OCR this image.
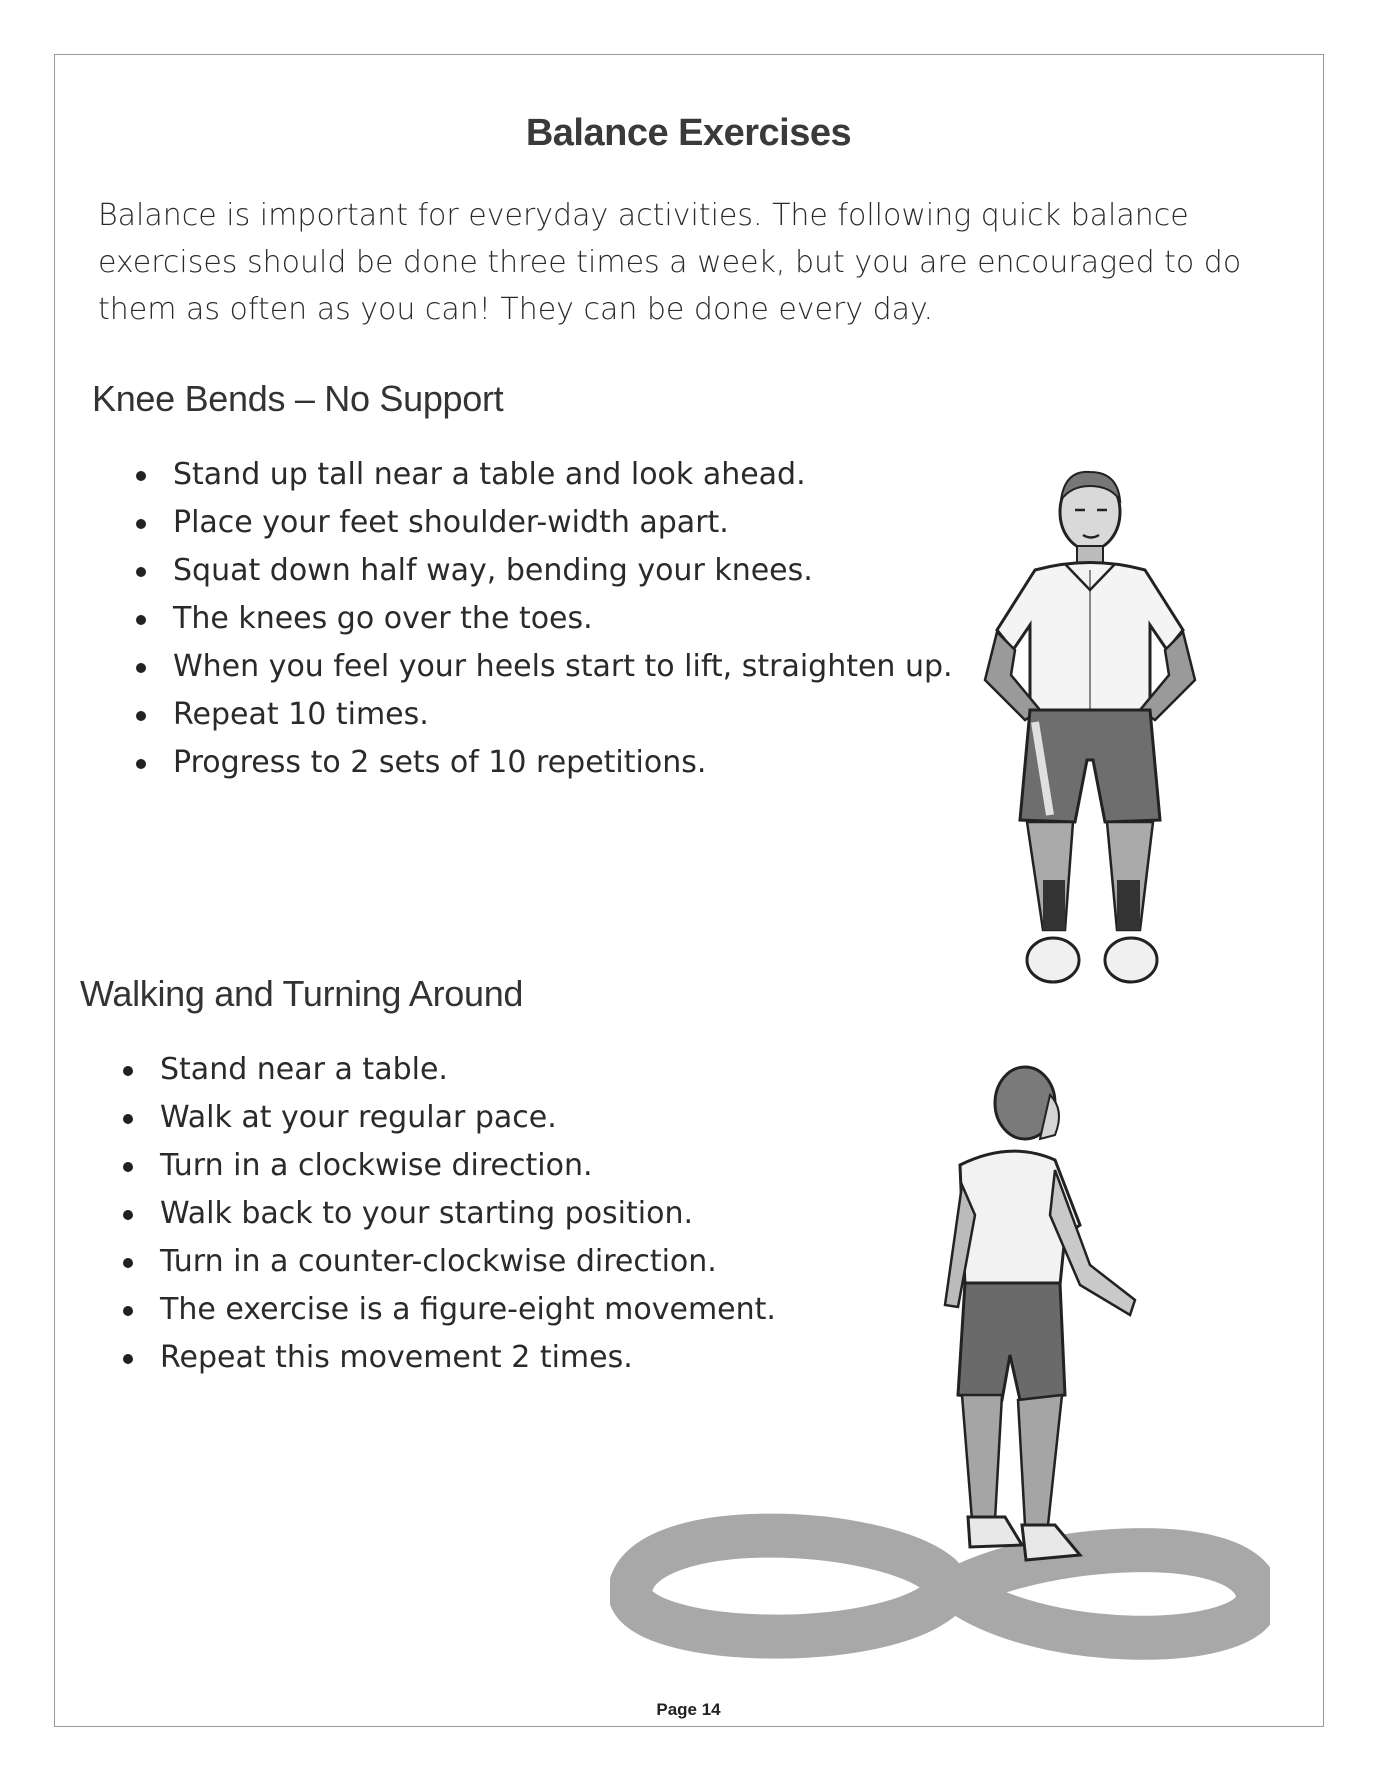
Balance Exercises
Balance is important for everyday activities. The following quick balance exercises should be done three times a week, but you are encouraged to do them as often as you can! They can be done every day.
Knee Bends – No Support
Stand up tall near a table and look ahead.
Place your feet shoulder-width apart.
Squat down half way, bending your knees.
The knees go over the toes.
When you feel your heels start to lift, straighten up.
Repeat 10 times.
Progress to 2 sets of 10 repetitions.
Walking and Turning Around
Stand near a table.
Walk at your regular pace.
Turn in a clockwise direction.
Walk back to your starting position.
Turn in a counter-clockwise direction.
The exercise is a figure-eight movement.
Repeat this movement 2 times.
Page 14
